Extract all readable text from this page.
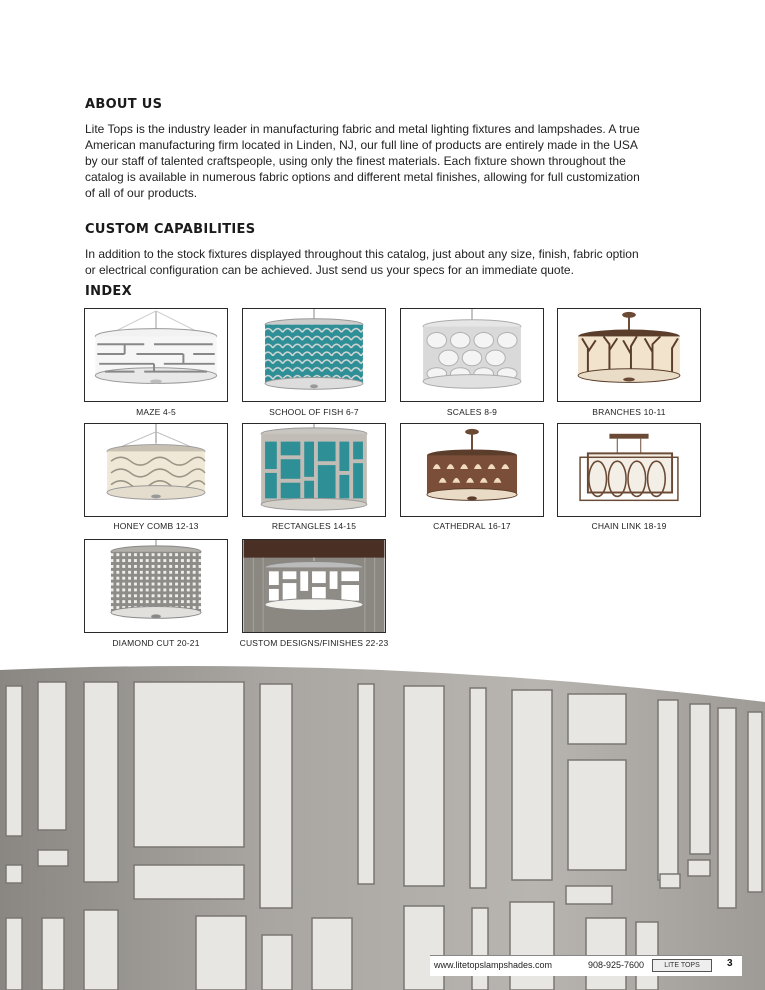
ABOUT US

Lite Tops is the industry leader in manufacturing fabric and metal lighting fixtures and lampshades. A true
American manufacturing firm located in Linden, NJ, our full line of products are entirely made in the USA
by our staff of talented craftspeople, using only the finest materials. Each fixture shown throughout the
catalog is available in numerous fabric options and different metal finishes, allowing for full customization
of all of our products.

CUSTOM CAPABILITIES

In addition to the stock fixtures displayed throughout this catalog, just about any size, finish, fabric option
or electrical configuration can be achieved. Just send us your specs for an immediate quote.

INDEX
MAZE 4-5	SCHOOL OF FISH 6-7	SCALES 8-9	BRANCHES 10-11
HONEY COMB 12-13	RECTANGLES 14-15	CATHEDRAL 16-17	CHAIN LINK 18-19
DIAMOND CUT 20-21	CUSTOM DESIGNS/FINISHES 22-23
www.litetopslampshades.com	908-925-7600	LITE TOPS	3
